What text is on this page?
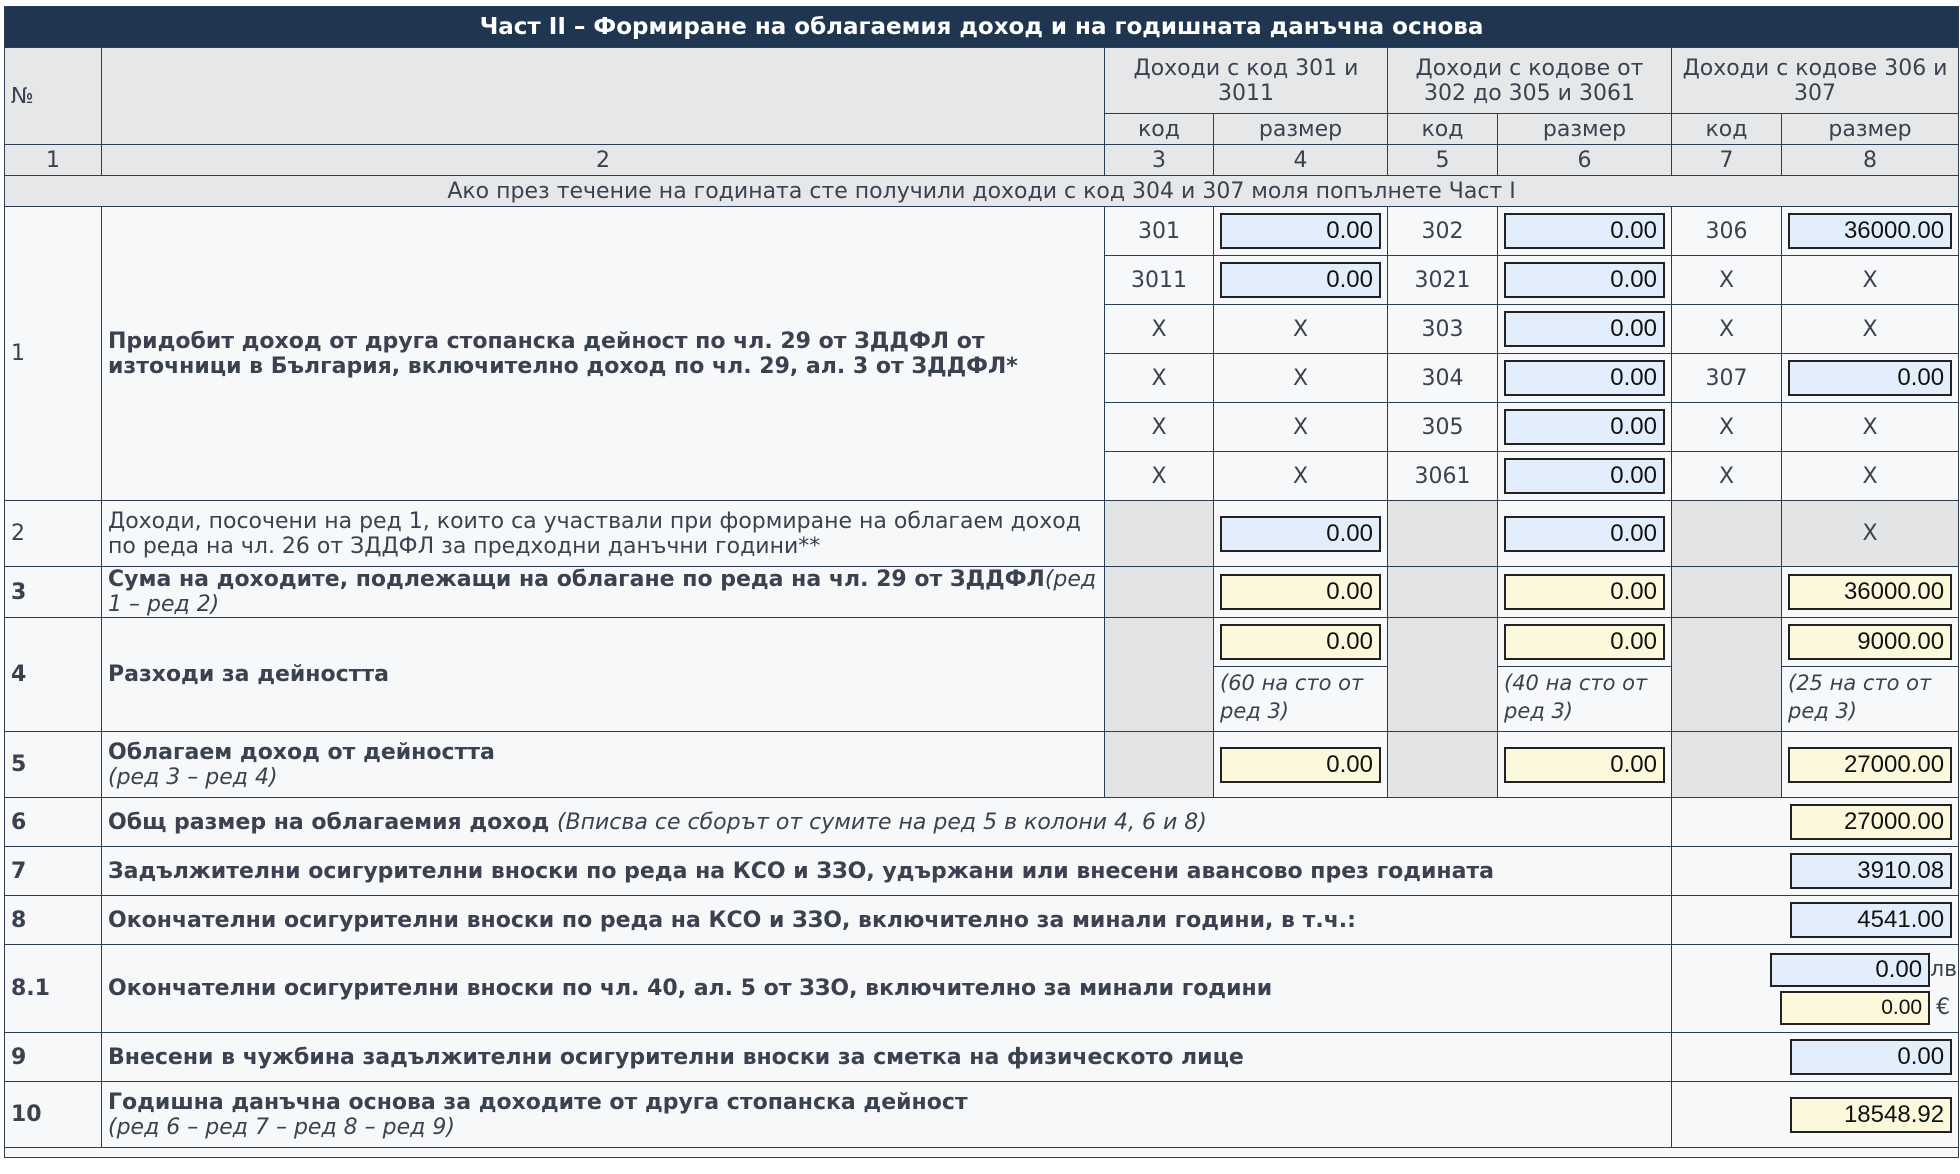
Част II – Формиране на облагаемия доход и на годишната данъчна основа							
№		Доходи с код 301 и 3011		Доходи с кодове от 302 до 305 и 3061		Доходи с кодове 306 и 307	
		код	размер	код	размер	код	размер
1	2	3	4	5	6	7	8
Ако през течение на годината сте получили доходи с код 304 и 307 моля попълнете Част I							
1	Придобит доход от друга стопанска дейност по чл. 29 от ЗДДФЛ от източници в България, включително доход по чл. 29, ал. 3 от ЗДДФЛ*	301	0.00	302	0.00	306	36000.00

		3011	0.00	3021	0.00	X	X
		X	X	303	0.00	X	X
		X	X	304	0.00	307	0.00

		X	X	305	0.00	X	X
		X	X	3061	0.00	X	X
2	Доходи, посочени на ред 1, които са участвали при формиране на облагаем доход по реда на чл. 26 от ЗДДФЛ за предходни данъчни години**		0.00		0.00		X
3	Сума на доходите, подлежащи на облагане по реда на чл. 29 от ЗДДФЛ(ред 1 – ред 2)		0.00		0.00		36000.00

4	Разходи за дейността		0.00		0.00		9000.00

			(60 на сто от ред 3)		(40 на сто от ред 3)		(25 на сто от ред 3)
5	Облагаем доход от дейността
(ред 3 – ред 4)		0.00		0.00		27000.00

6	Общ размер на облагаемия доход (Вписва се сборът от сумите на ред 5 в колони 4, 6 и 8)					27000.00	

7	Задължителни осигурителни вноски по реда на КСО и ЗЗО, удържани или внесени авансово през годината					3910.08	

8	Окончателни осигурителни вноски по реда на КСО и ЗЗО, включително за минали години, в т.ч.:					4541.00	

8.1	Окончателни осигурителни вноски по чл. 40, ал. 5 от ЗЗО, включително за минали години					0.00 лв
0.00 €	

9	Внесени в чужбина задължителни осигурителни вноски за сметка на физическото лице					0.00	

10	Годишна данъчна основа за доходите от друга стопанска дейност
(ред 6 – ред 7 – ред 8 – ред 9)					18548.92	
